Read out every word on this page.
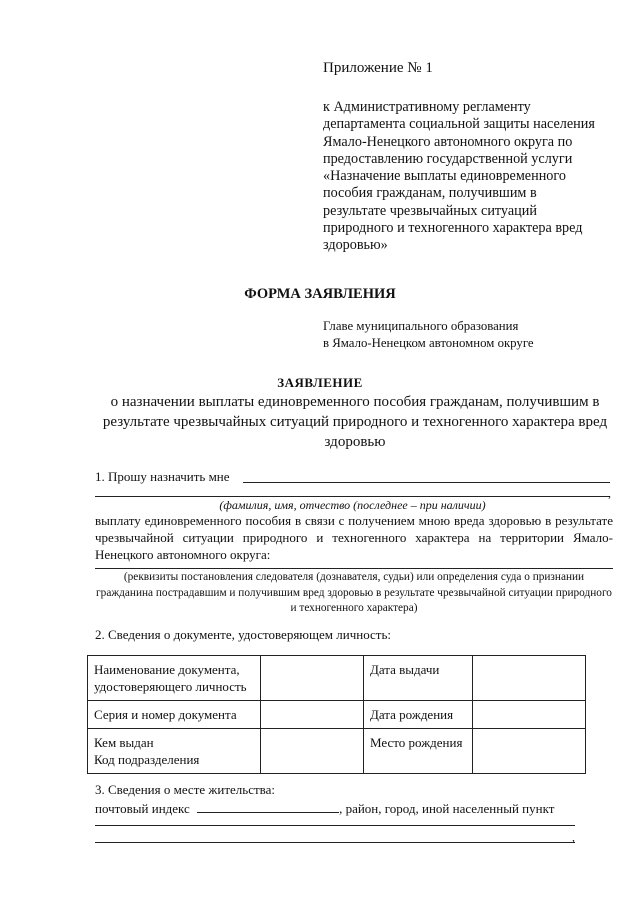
Приложение № 1
к Административному регламенту
департамента социальной защиты населения
Ямало-Ненецкого автономного округа по
предоставлению государственной услуги
«Назначение выплаты единовременного
пособия гражданам, получившим в
результате чрезвычайных ситуаций
природного и техногенного характера вред
здоровью»
ФОРМА ЗАЯВЛЕНИЯ
Главе муниципального образования
в Ямало-Ненецком автономном округе
ЗАЯВЛЕНИЕ
о назначении выплаты единовременного пособия гражданам, получившим в результате чрезвычайных ситуаций природного и техногенного характера вред здоровью
1. Прошу назначить мне
,
(фамилия, имя, отчество (последнее – при наличии)
выплату единовременного пособия в связи с получением мною вреда здоровью в результате
чрезвычайной ситуации природного и техногенного характера на территории Ямало-
Ненецкого автономного округа:
(реквизиты постановления следователя (дознавателя, судьи) или определения суда о признании гражданина пострадавшим и получившим вред здоровью в результате чрезвычайной ситуации природного и техногенного характера)
2. Сведения о документе, удостоверяющем личность:
Наименование документа,
удостоверяющего личность		Дата выдачи	

Серия и номер документа		Дата рождения	

Кем выдан
Код подразделения		Место рождения	

3. Сведения о месте жительства:
почтовый индекс	, район, город, иной населенный пункт
,
